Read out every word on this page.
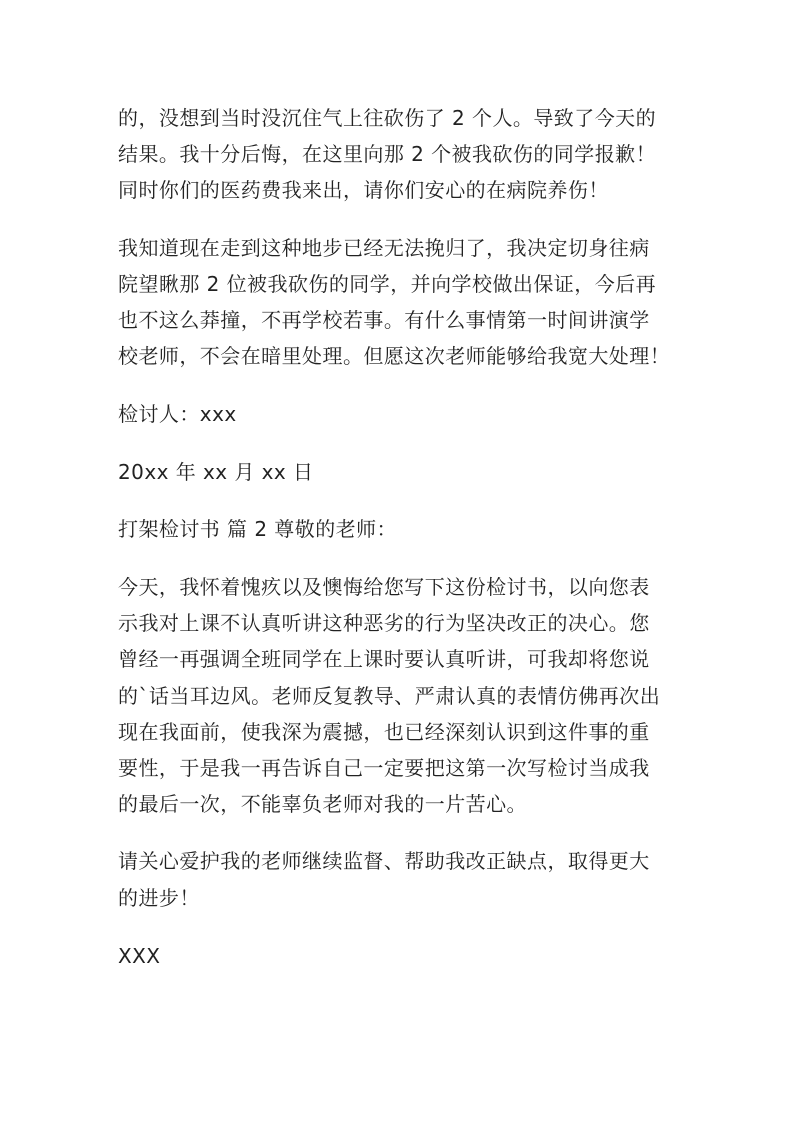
的，没想到当时没沉住气上往砍伤了 2 个人。导致了今天的
结果。我十分后悔，在这里向那 2 个被我砍伤的同学报歉！
同时你们的医药费我来出，请你们安心的在病院养伤！

我知道现在走到这种地步已经无法挽归了，我决定切身往病
院望瞅那 2 位被我砍伤的同学，并向学校做出保证，今后再
也不这么莽撞，不再学校若事。有什么事情第一时间讲演学
校老师，不会在暗里处理。但愿这次老师能够给我宽大处理！

检讨人：xxx

20xx 年 xx 月 xx 日

打架检讨书 篇 2 尊敬的老师：

今天，我怀着愧疚以及懊悔给您写下这份检讨书，以向您表
示我对上课不认真听讲这种恶劣的行为坚决改正的决心。您
曾经一再强调全班同学在上课时要认真听讲，可我却将您说
的`话当耳边风。老师反复教导、严肃认真的表情仿佛再次出
现在我面前，使我深为震撼，也已经深刻认识到这件事的重
要性，于是我一再告诉自己一定要把这第一次写检讨当成我
的最后一次，不能辜负老师对我的一片苦心。

请关心爱护我的老师继续监督、帮助我改正缺点，取得更大
的进步！

XXX
